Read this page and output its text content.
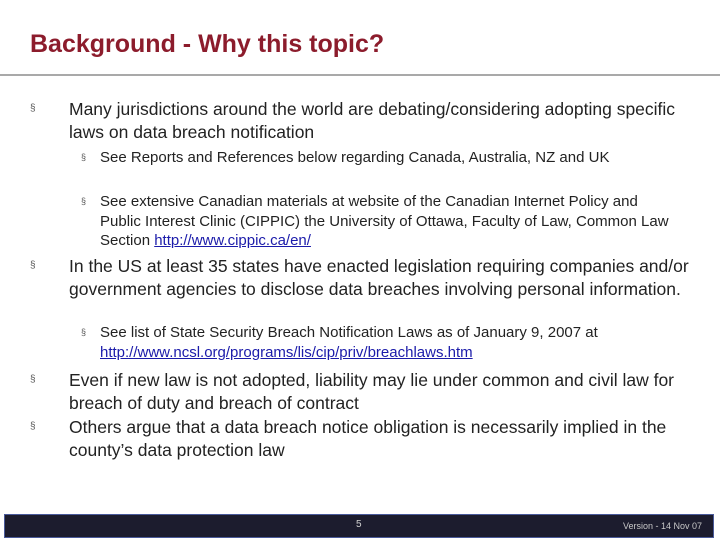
Background - Why this topic?
§ Many jurisdictions around the world are debating/considering adopting specific laws on data breach notification
§ See Reports and References below regarding Canada, Australia, NZ and UK
§ See extensive Canadian materials at website of the Canadian Internet Policy and Public Interest Clinic (CIPPIC) the University of Ottawa, Faculty of Law, Common Law Section http://www.cippic.ca/en/
§ In the US at least 35 states have enacted legislation requiring companies and/or government agencies to disclose data breaches involving personal information.
§ See list of State Security Breach Notification Laws as of January 9, 2007 at http://www.ncsl.org/programs/lis/cip/priv/breachlaws.htm
§ Even if new law is not adopted, liability may lie under common and civil law for breach of duty and breach of contract
§ Others argue that a data breach notice obligation is necessarily implied in the county’s data protection law
5	Version - 14 Nov 07
